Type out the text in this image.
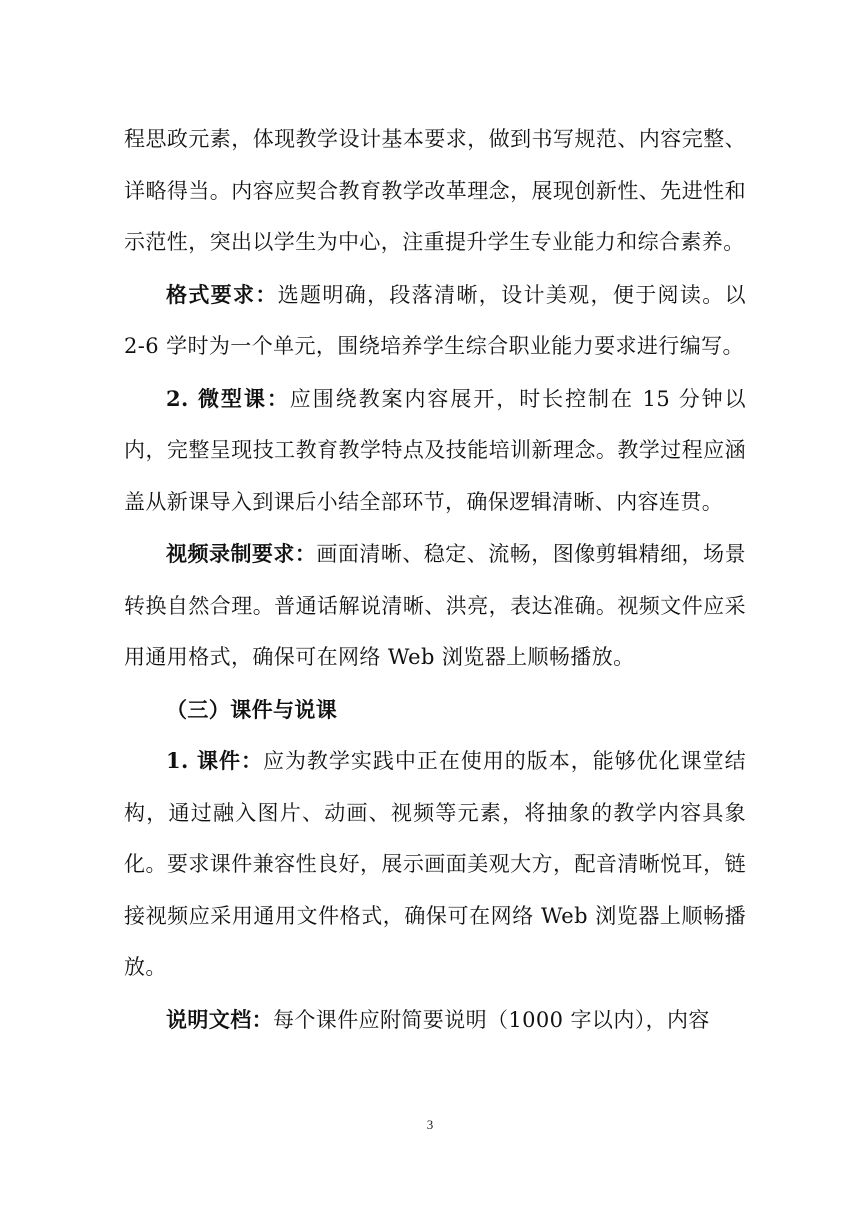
程思政元素，体现教学设计基本要求，做到书写规范、内容完整、详略得当。内容应契合教育教学改革理念，展现创新性、先进性和示范性，突出以学生为中心，注重提升学生专业能力和综合素养。

格式要求：选题明确，段落清晰，设计美观，便于阅读。以 2-6 学时为一个单元，围绕培养学生综合职业能力要求进行编写。

2. 微型课：应围绕教案内容展开，时长控制在 15 分钟以内，完整呈现技工教育教学特点及技能培训新理念。教学过程应涵盖从新课导入到课后小结全部环节，确保逻辑清晰、内容连贯。

视频录制要求：画面清晰、稳定、流畅，图像剪辑精细，场景转换自然合理。普通话解说清晰、洪亮，表达准确。视频文件应采用通用格式，确保可在网络 Web 浏览器上顺畅播放。

（三）课件与说课

1. 课件：应为教学实践中正在使用的版本，能够优化课堂结构，通过融入图片、动画、视频等元素，将抽象的教学内容具象化。要求课件兼容性良好，展示画面美观大方，配音清晰悦耳，链接视频应采用通用文件格式，确保可在网络 Web 浏览器上顺畅播放。

说明文档：每个课件应附简要说明（1000 字以内），内容

3
